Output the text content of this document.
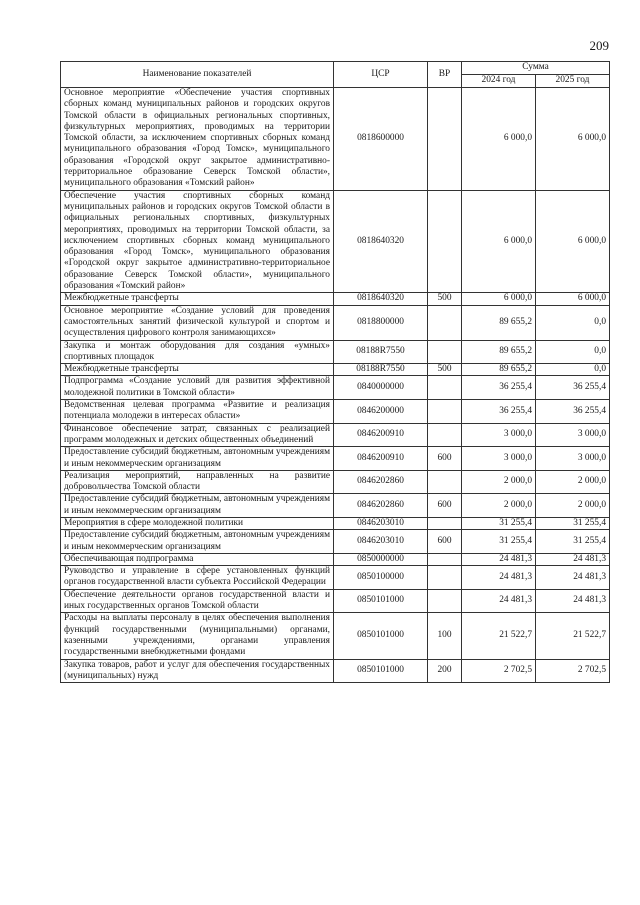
209
Наименование показателей	ЦСР	ВР	Сумма	
			2024 год	2025 год
Основное мероприятие «Обеспечение участия спортивных сборных команд муниципальных районов и городских округов Томской области в официальных региональных спортивных, физкультурных мероприятиях, проводимых на территории Томской области, за исключением спортивных сборных команд муниципального образования «Город Томск», муниципального образования «Городской округ закрытое административно-территориальное образование Северск Томской области», муниципального образования «Томский район»	0818600000		6 000,0	6 000,0
Обеспечение участия спортивных сборных команд муниципальных районов и городских округов Томской области в официальных региональных спортивных, физкультурных мероприятиях, проводимых на территории Томской области, за исключением спортивных сборных команд муниципального образования «Город Томск», муниципального образования «Городской округ закрытое административно-территориальное образование Северск Томской области», муниципального образования «Томский район»	0818640320		6 000,0	6 000,0
Межбюджетные трансферты	0818640320	500	6 000,0	6 000,0
Основное мероприятие «Создание условий для проведения самостоятельных занятий физической культурой и спортом и осуществления цифрового контроля занимающихся»	0818800000		89 655,2	0,0
Закупка и монтаж оборудования для создания «умных» спортивных площадок	08188R7550		89 655,2	0,0
Межбюджетные трансферты	08188R7550	500	89 655,2	0,0
Подпрограмма «Создание условий для развития эффективной молодежной политики в Томской области»	0840000000		36 255,4	36 255,4
Ведомственная целевая программа «Развитие и реализация потенциала молодежи в интересах области»	0846200000		36 255,4	36 255,4
Финансовое обеспечение затрат, связанных с реализацией программ молодежных и детских общественных объединений	0846200910		3 000,0	3 000,0
Предоставление субсидий бюджетным, автономным учреждениям и иным некоммерческим организациям	0846200910	600	3 000,0	3 000,0
Реализация мероприятий, направленных на развитие добровольчества Томской области	0846202860		2 000,0	2 000,0
Предоставление субсидий бюджетным, автономным учреждениям и иным некоммерческим организациям	0846202860	600	2 000,0	2 000,0
Мероприятия в сфере молодежной политики	0846203010		31 255,4	31 255,4
Предоставление субсидий бюджетным, автономным учреждениям и иным некоммерческим организациям	0846203010	600	31 255,4	31 255,4
Обеспечивающая подпрограмма	0850000000		24 481,3	24 481,3
Руководство и управление в сфере установленных функций органов государственной власти субъекта Российской Федерации	0850100000		24 481,3	24 481,3
Обеспечение деятельности органов государственной власти и иных государственных органов Томской области	0850101000		24 481,3	24 481,3
Расходы на выплаты персоналу в целях обеспечения выполнения функций государственными (муниципальными) органами, казенными учреждениями, органами управления государственными внебюджетными фондами	0850101000	100	21 522,7	21 522,7
Закупка товаров, работ и услуг для обеспечения государственных (муниципальных) нужд	0850101000	200	2 702,5	2 702,5
